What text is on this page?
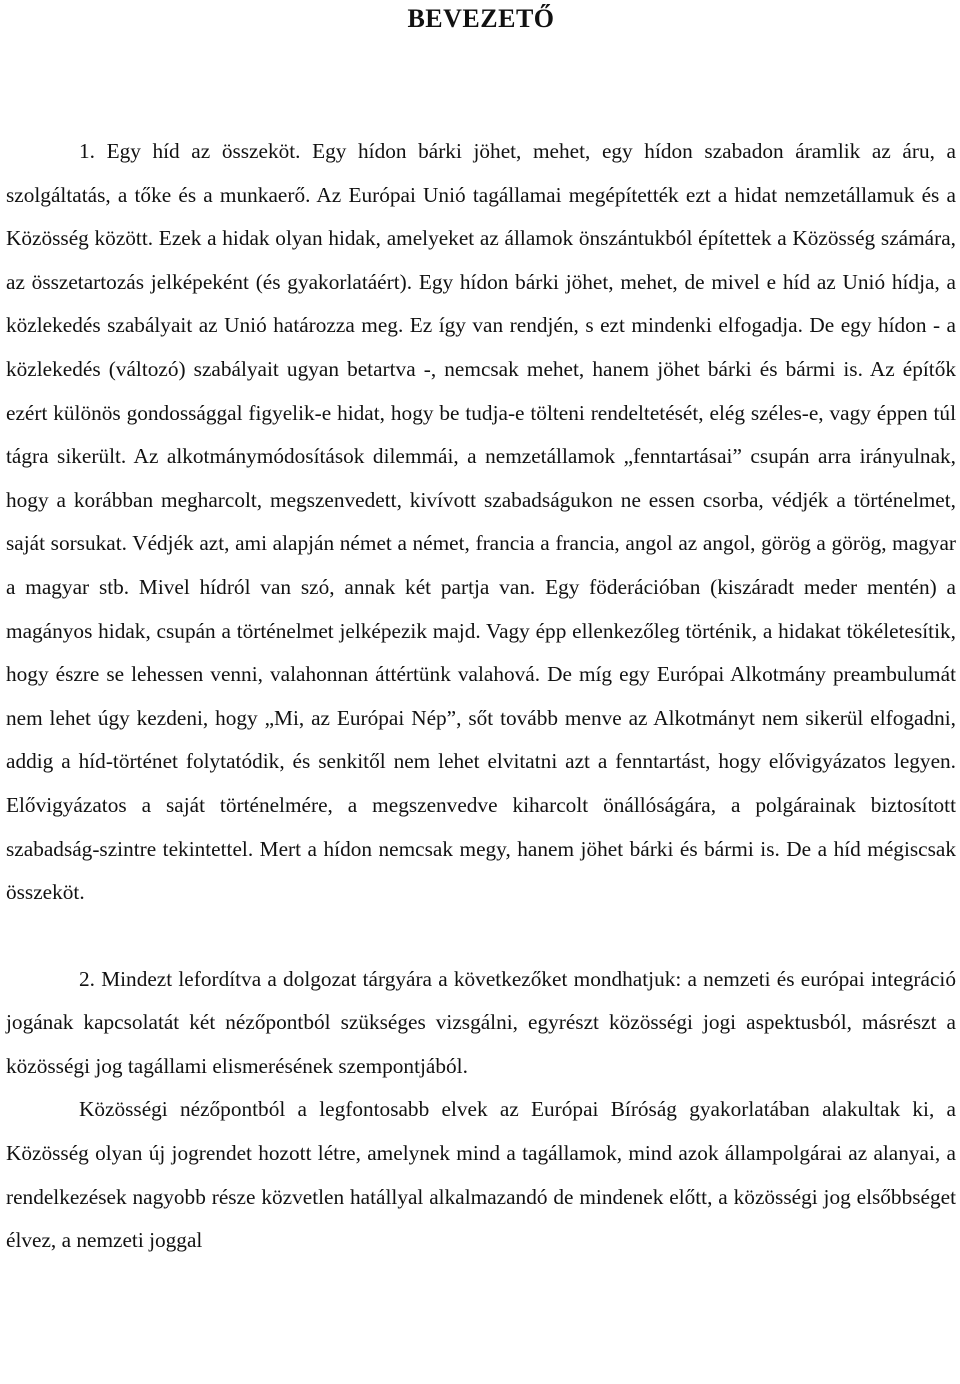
BEVEZETŐ

1. Egy híd az összeköt. Egy hídon bárki jöhet, mehet, egy hídon szabadon áramlik az áru, a szolgáltatás, a tőke és a munkaerő. Az Európai Unió tagállamai megépítették ezt a hidat nemzetállamuk és a Közösség között. Ezek a hidak olyan hidak, amelyeket az államok önszántukból építettek a Közösség számára, az összetartozás jelképeként (és gyakorlatáért). Egy hídon bárki jöhet, mehet, de mivel e híd az Unió hídja, a közlekedés szabályait az Unió határozza meg. Ez így van rendjén, s ezt mindenki elfogadja. De egy hídon - a közlekedés (változó) szabályait ugyan betartva -, nemcsak mehet, hanem jöhet bárki és bármi is. Az építők ezért különös gondossággal figyelik-e hidat, hogy be tudja-e tölteni rendeltetését, elég széles-e, vagy éppen túl tágra sikerült. Az alkotmánymódosítások dilemmái, a nemzetállamok „fenntartásai” csupán arra irányulnak, hogy a korábban megharcolt, megszenvedett, kivívott szabadságukon ne essen csorba, védjék a történelmet, saját sorsukat. Védjék azt, ami alapján német a német, francia a francia, angol az angol, görög a görög, magyar a magyar stb. Mivel hídról van szó, annak két partja van. Egy föderációban (kiszáradt meder mentén) a magányos hidak, csupán a történelmet jelképezik majd. Vagy épp ellenkezőleg történik, a hidakat tökéletesítik, hogy észre se lehessen venni, valahonnan áttértünk valahová. De míg egy Európai Alkotmány preambulumát nem lehet úgy kezdeni, hogy „Mi, az Európai Nép”, sőt tovább menve az Alkotmányt nem sikerül elfogadni, addig a híd-történet folytatódik, és senkitől nem lehet elvitatni azt a fenntartást, hogy elővigyázatos legyen. Elővigyázatos a saját történelmére, a megszenvedve kiharcolt önállóságára, a polgárainak biztosított szabadság-szintre tekintettel. Mert a hídon nemcsak megy, hanem jöhet bárki és bármi is. De a híd mégiscsak összeköt.

2. Mindezt lefordítva a dolgozat tárgyára a következőket mondhatjuk: a nemzeti és európai integráció jogának kapcsolatát két nézőpontból szükséges vizsgálni, egyrészt közösségi jogi aspektusból, másrészt a közösségi jog tagállami elismerésének szempontjából.

Közösségi nézőpontból a legfontosabb elvek az Európai Bíróság gyakorlatában alakultak ki, a Közösség olyan új jogrendet hozott létre, amelynek mind a tagállamok, mind azok állampolgárai az alanyai, a rendelkezések nagyobb része közvetlen hatállyal alkalmazandó de mindenek előtt, a közösségi jog elsőbbséget élvez, a nemzeti joggal
